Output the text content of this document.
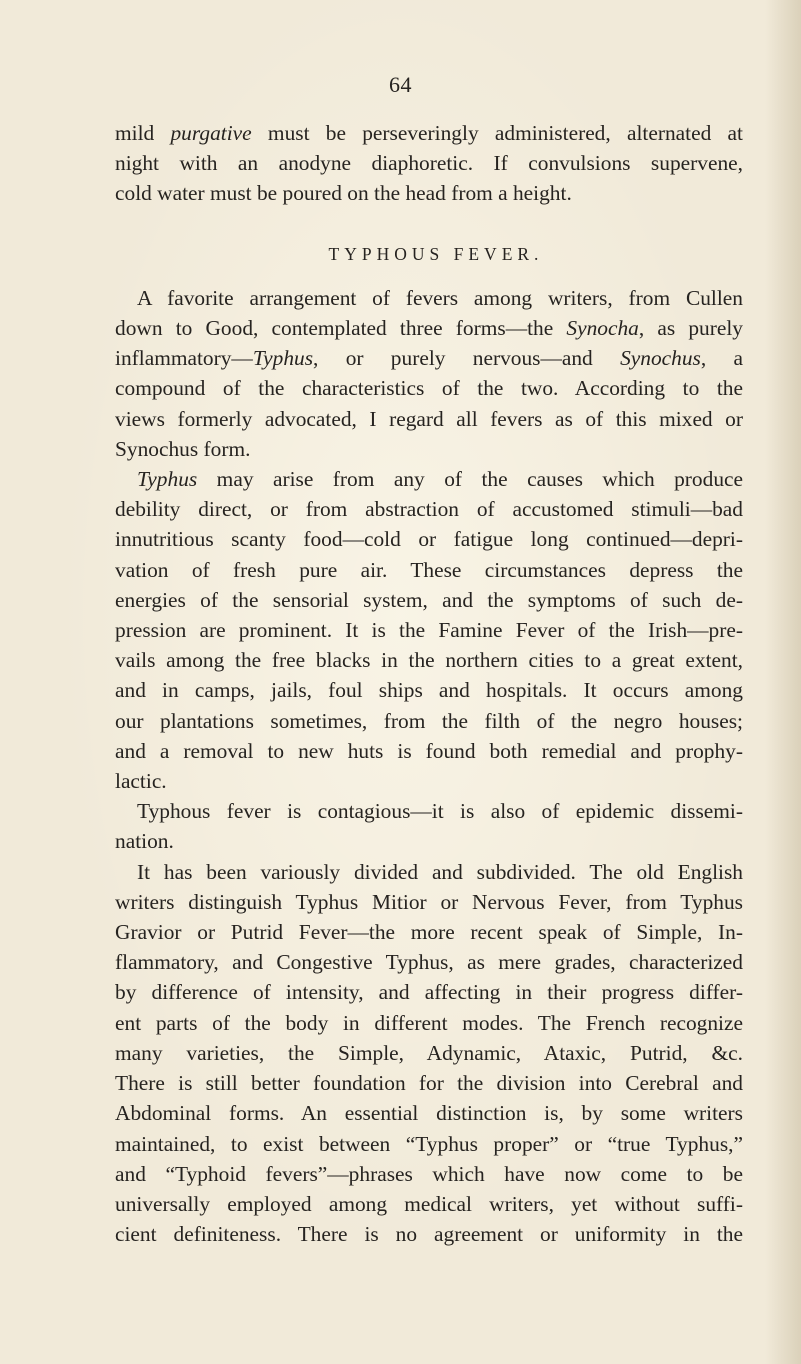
64
mild purgative must be perseveringly administered, alternated at
night with an anodyne diaphoretic. If convulsions supervene,
cold water must be poured on the head from a height.
TYPHOUS FEVER.
A favorite arrangement of fevers among writers, from Cullen
down to Good, contemplated three forms—the Synocha, as purely
inflammatory—Typhus, or purely nervous—and Synochus, a
compound of the characteristics of the two. According to the
views formerly advocated, I regard all fevers as of this mixed or
Synochus form.
Typhus may arise from any of the causes which produce
debility direct, or from abstraction of accustomed stimuli—bad
innutritious scanty food—cold or fatigue long continued—depri-
vation of fresh pure air. These circumstances depress the
energies of the sensorial system, and the symptoms of such de-
pression are prominent. It is the Famine Fever of the Irish—pre-
vails among the free blacks in the northern cities to a great extent,
and in camps, jails, foul ships and hospitals. It occurs among
our plantations sometimes, from the filth of the negro houses;
and a removal to new huts is found both remedial and prophy-
lactic.
Typhous fever is contagious—it is also of epidemic dissemi-
nation.
It has been variously divided and subdivided. The old English
writers distinguish Typhus Mitior or Nervous Fever, from Typhus
Gravior or Putrid Fever—the more recent speak of Simple, In-
flammatory, and Congestive Typhus, as mere grades, characterized
by difference of intensity, and affecting in their progress differ-
ent parts of the body in different modes. The French recognize
many varieties, the Simple, Adynamic, Ataxic, Putrid, &c.
There is still better foundation for the division into Cerebral and
Abdominal forms. An essential distinction is, by some writers
maintained, to exist between “Typhus proper” or “true Typhus,”
and “Typhoid fevers”—phrases which have now come to be
universally employed among medical writers, yet without suffi-
cient definiteness. There is no agreement or uniformity in the
